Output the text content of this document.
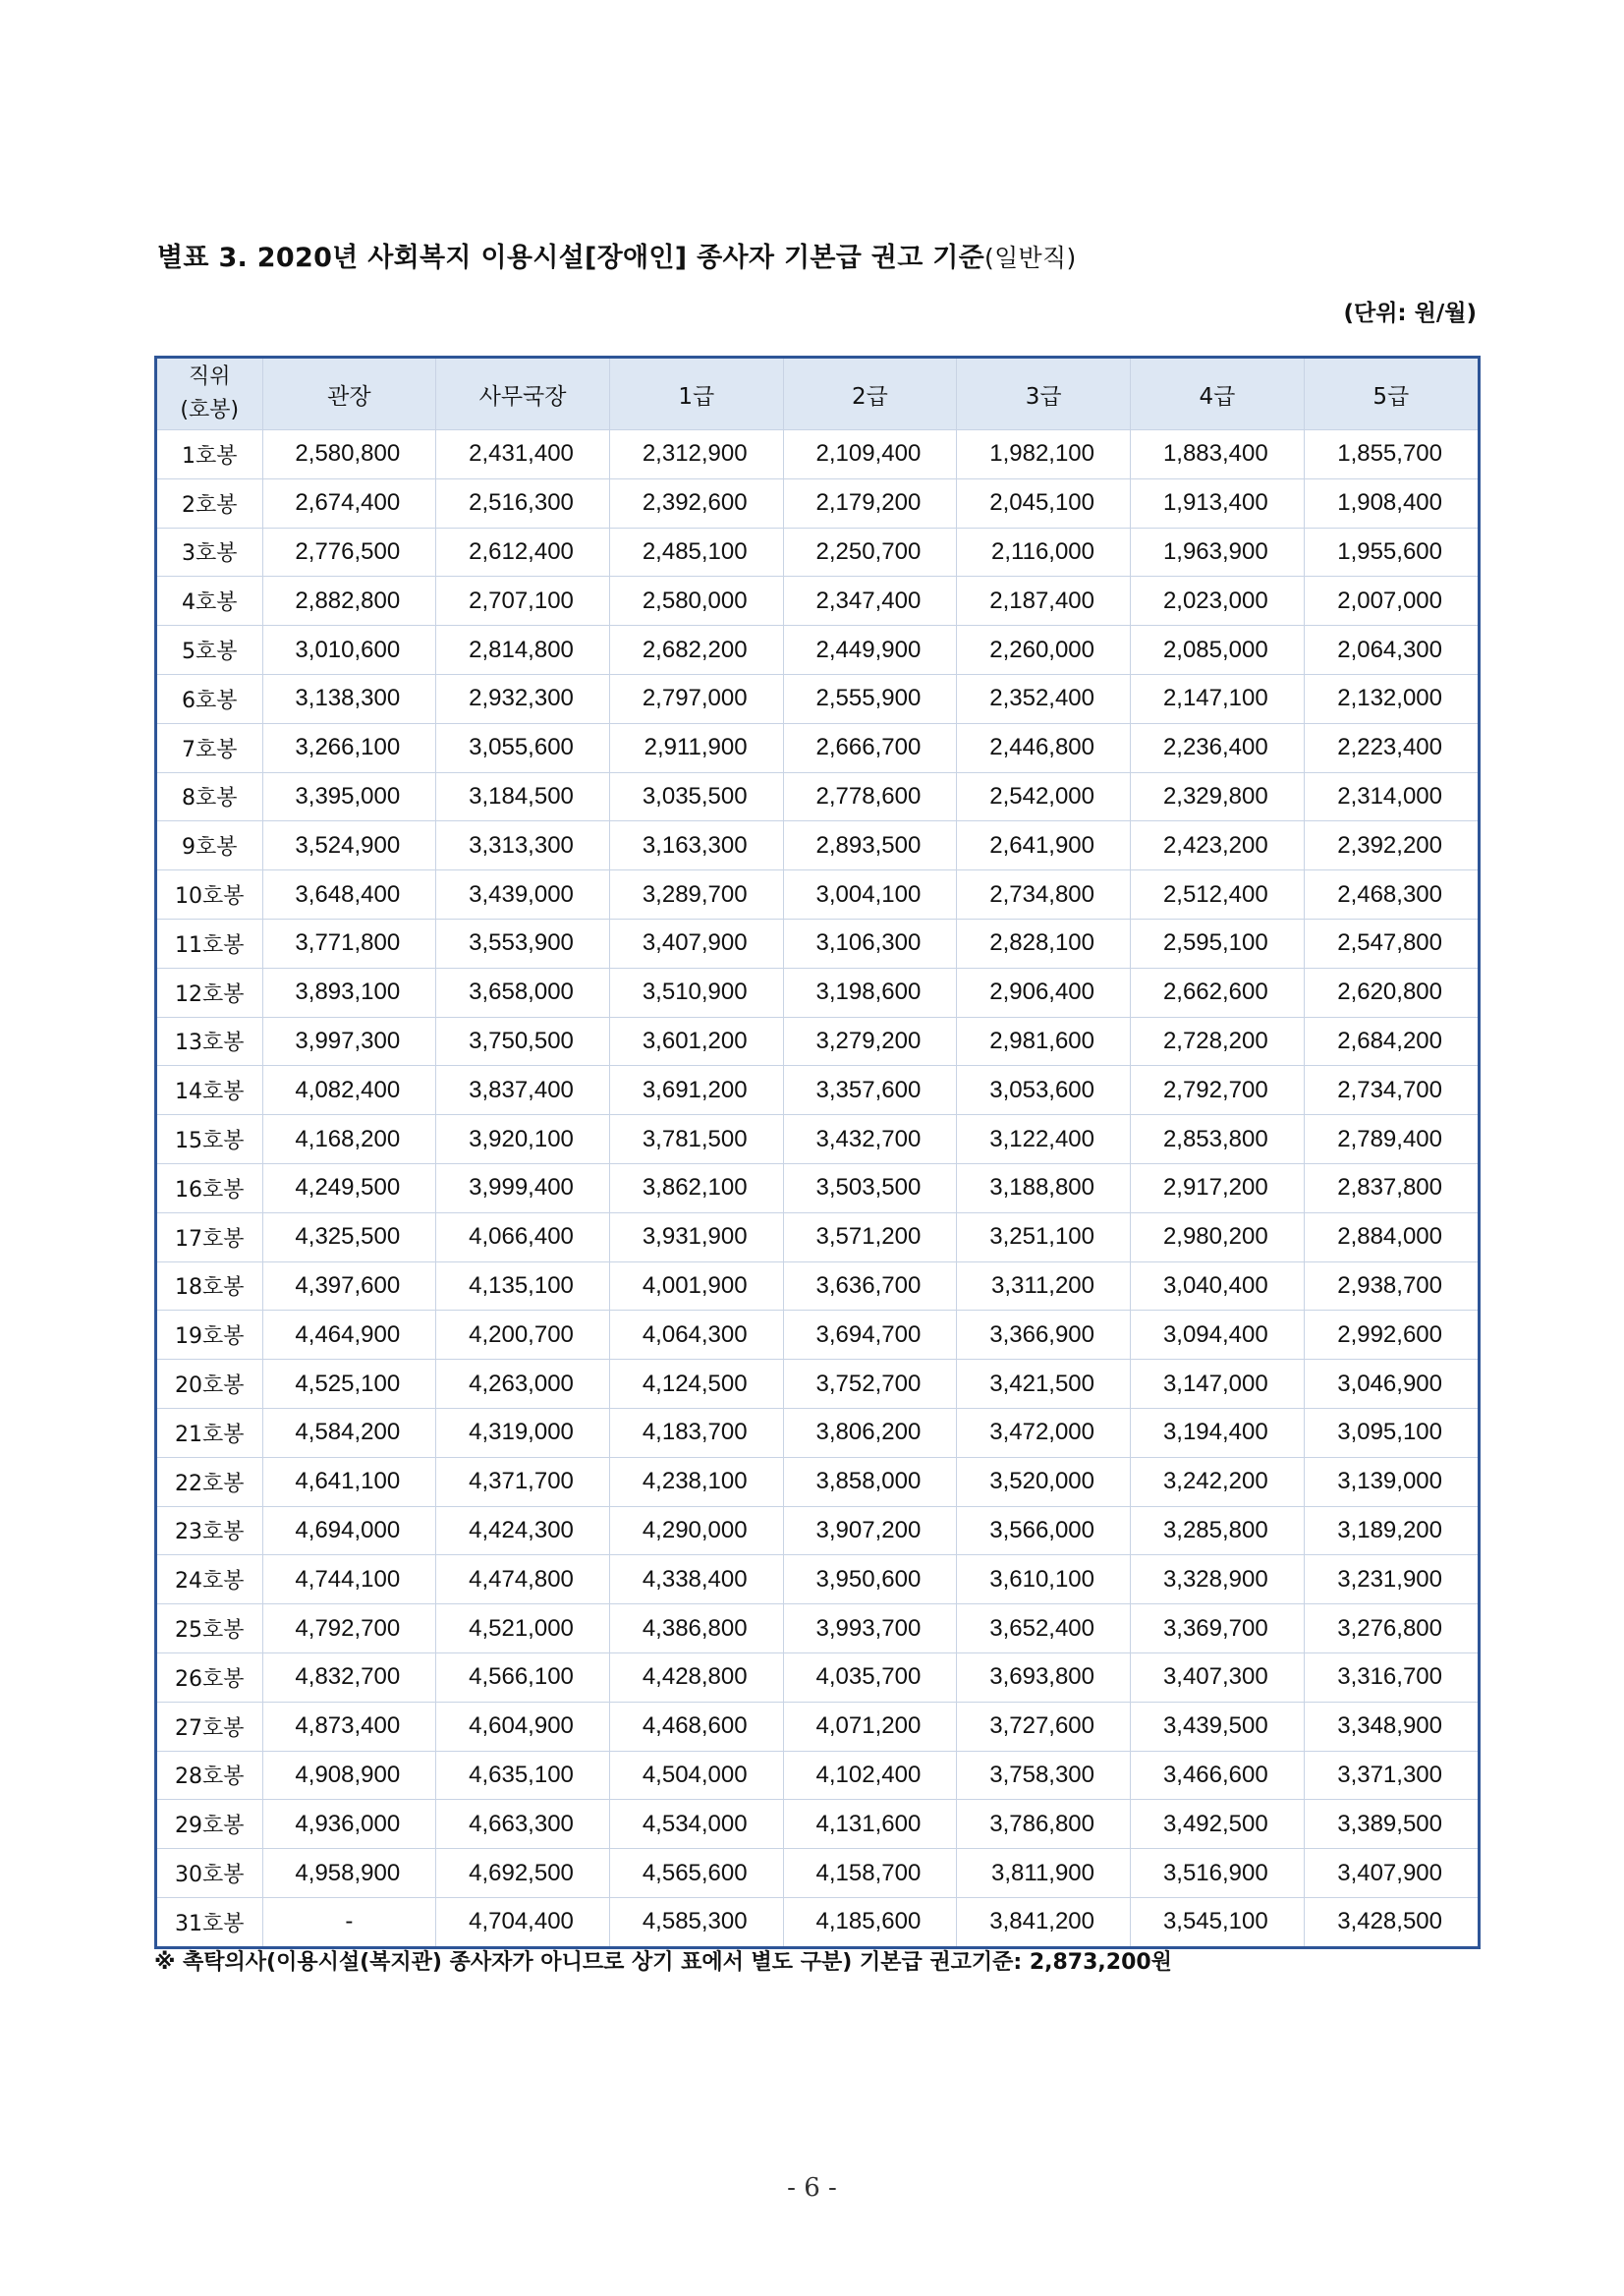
별표 3. 2020년 사회복지 이용시설[장애인] 종사자 기본급 권고 기준(일반직)
(단위: 원/월)
직위
(호봉)	관장	사무국장	1급	2급	3급	4급	5급
1호봉	2,580,800	2,431,400	2,312,900	2,109,400	1,982,100	1,883,400	1,855,700
2호봉	2,674,400	2,516,300	2,392,600	2,179,200	2,045,100	1,913,400	1,908,400
3호봉	2,776,500	2,612,400	2,485,100	2,250,700	2,116,000	1,963,900	1,955,600
4호봉	2,882,800	2,707,100	2,580,000	2,347,400	2,187,400	2,023,000	2,007,000
5호봉	3,010,600	2,814,800	2,682,200	2,449,900	2,260,000	2,085,000	2,064,300
6호봉	3,138,300	2,932,300	2,797,000	2,555,900	2,352,400	2,147,100	2,132,000
7호봉	3,266,100	3,055,600	2,911,900	2,666,700	2,446,800	2,236,400	2,223,400
8호봉	3,395,000	3,184,500	3,035,500	2,778,600	2,542,000	2,329,800	2,314,000
9호봉	3,524,900	3,313,300	3,163,300	2,893,500	2,641,900	2,423,200	2,392,200
10호봉	3,648,400	3,439,000	3,289,700	3,004,100	2,734,800	2,512,400	2,468,300
11호봉	3,771,800	3,553,900	3,407,900	3,106,300	2,828,100	2,595,100	2,547,800
12호봉	3,893,100	3,658,000	3,510,900	3,198,600	2,906,400	2,662,600	2,620,800
13호봉	3,997,300	3,750,500	3,601,200	3,279,200	2,981,600	2,728,200	2,684,200
14호봉	4,082,400	3,837,400	3,691,200	3,357,600	3,053,600	2,792,700	2,734,700
15호봉	4,168,200	3,920,100	3,781,500	3,432,700	3,122,400	2,853,800	2,789,400
16호봉	4,249,500	3,999,400	3,862,100	3,503,500	3,188,800	2,917,200	2,837,800
17호봉	4,325,500	4,066,400	3,931,900	3,571,200	3,251,100	2,980,200	2,884,000
18호봉	4,397,600	4,135,100	4,001,900	3,636,700	3,311,200	3,040,400	2,938,700
19호봉	4,464,900	4,200,700	4,064,300	3,694,700	3,366,900	3,094,400	2,992,600
20호봉	4,525,100	4,263,000	4,124,500	3,752,700	3,421,500	3,147,000	3,046,900
21호봉	4,584,200	4,319,000	4,183,700	3,806,200	3,472,000	3,194,400	3,095,100
22호봉	4,641,100	4,371,700	4,238,100	3,858,000	3,520,000	3,242,200	3,139,000
23호봉	4,694,000	4,424,300	4,290,000	3,907,200	3,566,000	3,285,800	3,189,200
24호봉	4,744,100	4,474,800	4,338,400	3,950,600	3,610,100	3,328,900	3,231,900
25호봉	4,792,700	4,521,000	4,386,800	3,993,700	3,652,400	3,369,700	3,276,800
26호봉	4,832,700	4,566,100	4,428,800	4,035,700	3,693,800	3,407,300	3,316,700
27호봉	4,873,400	4,604,900	4,468,600	4,071,200	3,727,600	3,439,500	3,348,900
28호봉	4,908,900	4,635,100	4,504,000	4,102,400	3,758,300	3,466,600	3,371,300
29호봉	4,936,000	4,663,300	4,534,000	4,131,600	3,786,800	3,492,500	3,389,500
30호봉	4,958,900	4,692,500	4,565,600	4,158,700	3,811,900	3,516,900	3,407,900
31호봉	-	4,704,400	4,585,300	4,185,600	3,841,200	3,545,100	3,428,500
※ 촉탁의사(이용시설(복지관) 종사자가 아니므로 상기 표에서 별도 구분) 기본급 권고기준: 2,873,200원
- 6 -
